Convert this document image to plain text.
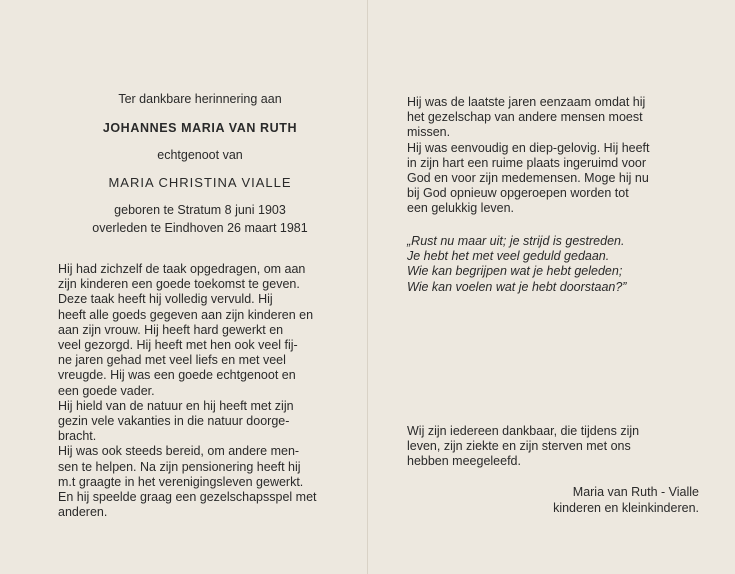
Ter dankbare herinnering aan
JOHANNES MARIA VAN RUTH
echtgenoot van
MARIA CHRISTINA VIALLE
geboren te Stratum 8 juni 1903
overleden te Eindhoven 26 maart 1981
Hij had zichzelf de taak opgedragen, om aan
zijn kinderen een goede toekomst te geven.
Deze taak heeft hij volledig vervuld. Hij
heeft alle goeds gegeven aan zijn kinderen en
aan zijn vrouw. Hij heeft hard gewerkt en
veel gezorgd. Hij heeft met hen ook veel fij-
ne jaren gehad met veel liefs en met veel
vreugde. Hij was een goede echtgenoot en
een goede vader.
Hij hield van de natuur en hij heeft met zijn
gezin vele vakanties in die natuur doorge-
bracht.
Hij was ook steeds bereid, om andere men-
sen te helpen. Na zijn pensionering heeft hij
m.t graagte in het verenigingsleven gewerkt.
En hij speelde graag een gezelschapsspel met
anderen.
Hij was de laatste jaren eenzaam omdat hij
het gezelschap van andere mensen moest
missen.
Hij was eenvoudig en diep-gelovig. Hij heeft
in zijn hart een ruime plaats ingeruimd voor
God en voor zijn medemensen. Moge hij nu
bij God opnieuw opgeroepen worden tot
een gelukkig leven.
„Rust nu maar uit; je strijd is gestreden.
Je hebt het met veel geduld gedaan.
Wie kan begrijpen wat je hebt geleden;
Wie kan voelen wat je hebt doorstaan?”
Wij zijn iedereen dankbaar, die tijdens zijn
leven, zijn ziekte en zijn sterven met ons
hebben meegeleefd.
Maria van Ruth - Vialle
kinderen en kleinkinderen.
